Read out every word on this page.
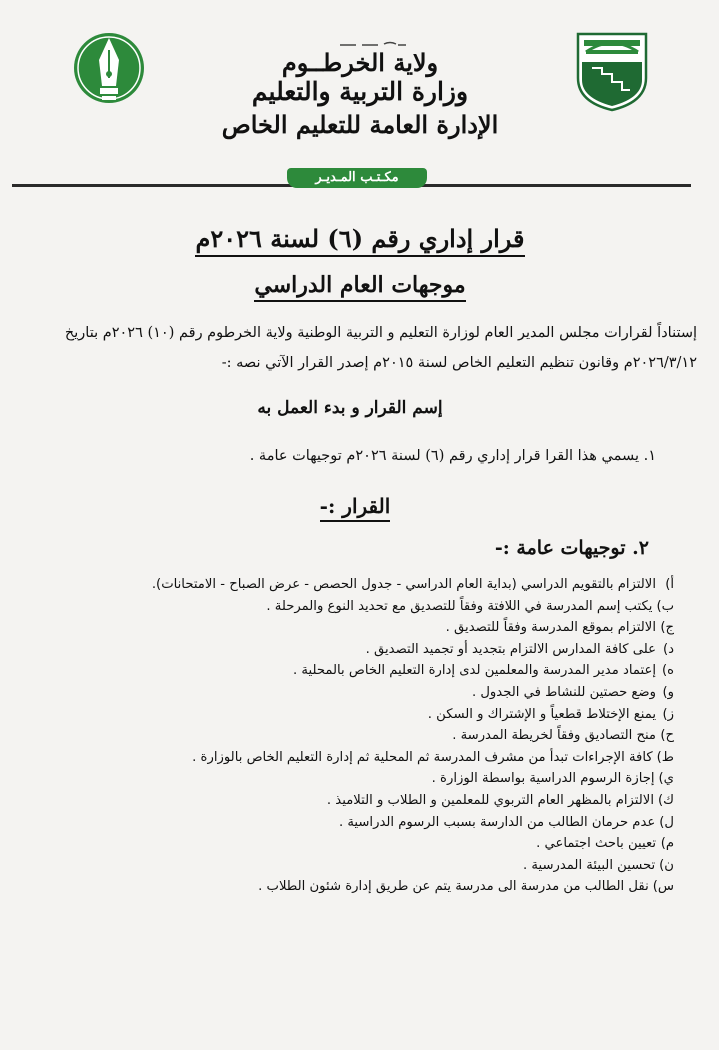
ولاية الخرطــوم
وزارة التربية والتعليم
الإدارة العامة للتعليم الخاص
مكـتـب المـديـر
قرار إداري رقم (٦) لسنة ٢٠٢٦م
موجهات العام الدراسي
إستناداً لقرارات مجلس المدير العام لوزارة التعليم و التربية الوطنية ولاية الخرطوم رقم (١٠) ٢٠٢٦م بتاريخ
٢٠٢٦/٣/١٢م وقانون تنظيم التعليم الخاص لسنة ٢٠١٥م إصدر القرار الآتي نصه :-
إسم القرار و بدء العمل به
١. يسمي هذا القرا قرار إداري رقم (٦) لسنة ٢٠٢٦م توجيهات عامة .
القرار :-
٢. توجيهات عامة :-
أ)الالتزام بالتقويم الدراسي (بداية العام الدراسي - جدول الحصص - عرض الصباح - الامتحانات).
ب)يكتب إسم المدرسة في اللافتة وفقاً للتصديق مع تحديد النوع والمرحلة .
ج)الالتزام بموقع المدرسة وفقاً للتصديق .
د)على كافة المدارس الالتزام بتجديد أو تجميد التصديق .
ه)إعتماد مدير المدرسة والمعلمين لدى إدارة التعليم الخاص بالمحلية .
و)وضع حصتين للنشاط في الجدول .
ز)يمنع الإختلاط قطعياً و الإشتراك و السكن .
ح)منح التصاديق وفقاً لخريطة المدرسة .
ط)كافة الإجراءات تبدأ من مشرف المدرسة ثم المحلية ثم إدارة التعليم الخاص بالوزارة .
ي)إجازة الرسوم الدراسية بواسطة الوزارة .
ك)الالتزام بالمظهر العام التربوي للمعلمين و الطلاب و التلاميذ .
ل)عدم حرمان الطالب من الدارسة بسبب الرسوم الدراسية .
م)تعيين باحث اجتماعي .
ن)تحسين البيئة المدرسية .
س)نقل الطالب من مدرسة الى مدرسة يتم عن طريق إدارة شئون الطلاب .
